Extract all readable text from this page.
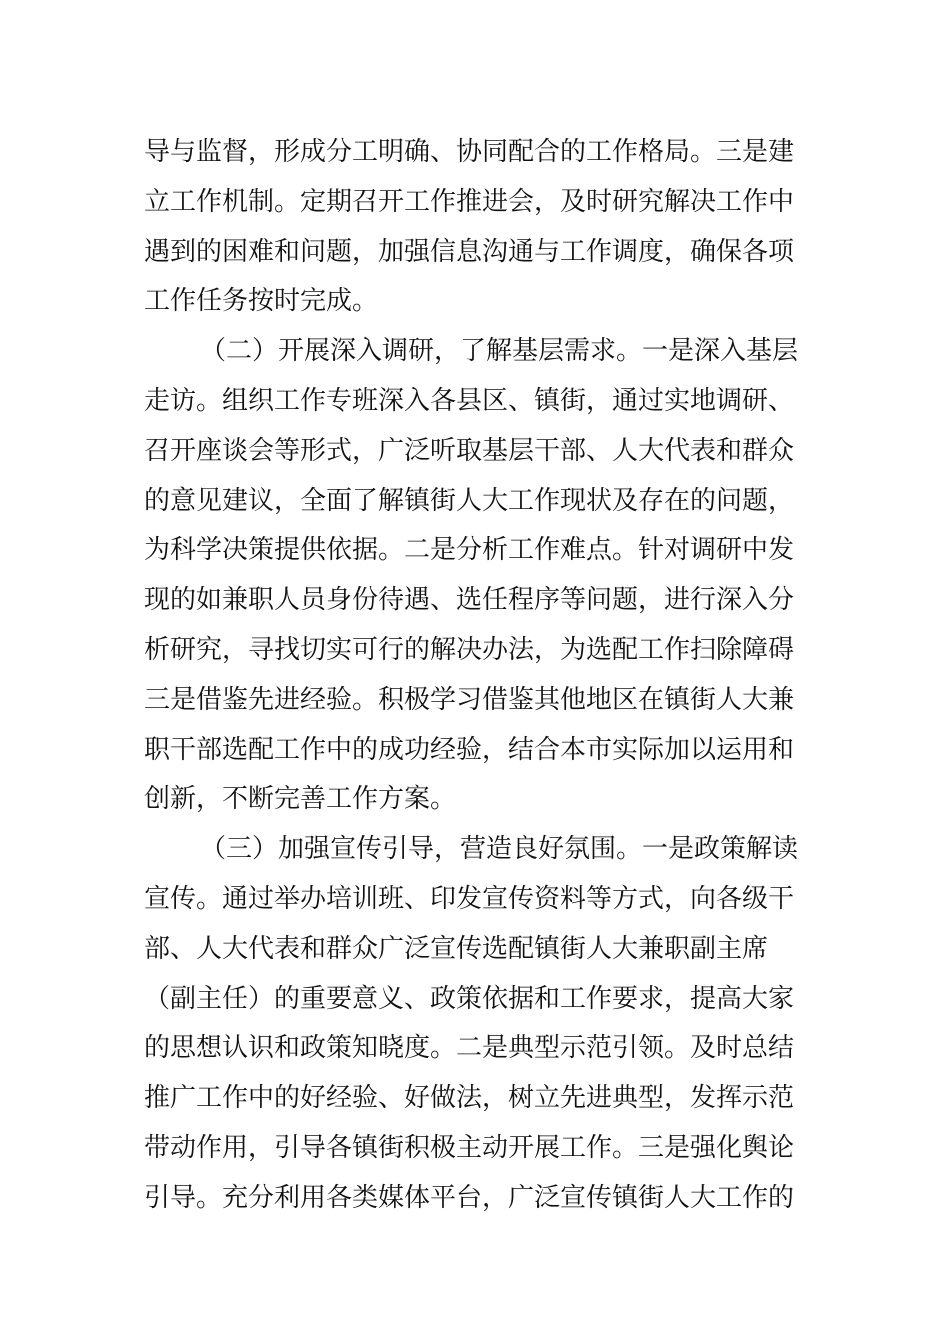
导与监督，形成分工明确、协同配合的工作格局。三是建
立工作机制。定期召开工作推进会，及时研究解决工作中
遇到的困难和问题，加强信息沟通与工作调度，确保各项
工作任务按时完成。
（二）开展深入调研，了解基层需求。一是深入基层
走访。组织工作专班深入各县区、镇街，通过实地调研、
召开座谈会等形式，广泛听取基层干部、人大代表和群众
的意见建议，全面了解镇街人大工作现状及存在的问题，
为科学决策提供依据。二是分析工作难点。针对调研中发
现的如兼职人员身份待遇、选任程序等问题，进行深入分
析研究，寻找切实可行的解决办法，为选配工作扫除障碍
三是借鉴先进经验。积极学习借鉴其他地区在镇街人大兼
职干部选配工作中的成功经验，结合本市实际加以运用和
创新，不断完善工作方案。
（三）加强宣传引导，营造良好氛围。一是政策解读
宣传。通过举办培训班、印发宣传资料等方式，向各级干
部、人大代表和群众广泛宣传选配镇街人大兼职副主席
（副主任）的重要意义、政策依据和工作要求，提高大家
的思想认识和政策知晓度。二是典型示范引领。及时总结
推广工作中的好经验、好做法，树立先进典型，发挥示范
带动作用，引导各镇街积极主动开展工作。三是强化舆论
引导。充分利用各类媒体平台，广泛宣传镇街人大工作的
